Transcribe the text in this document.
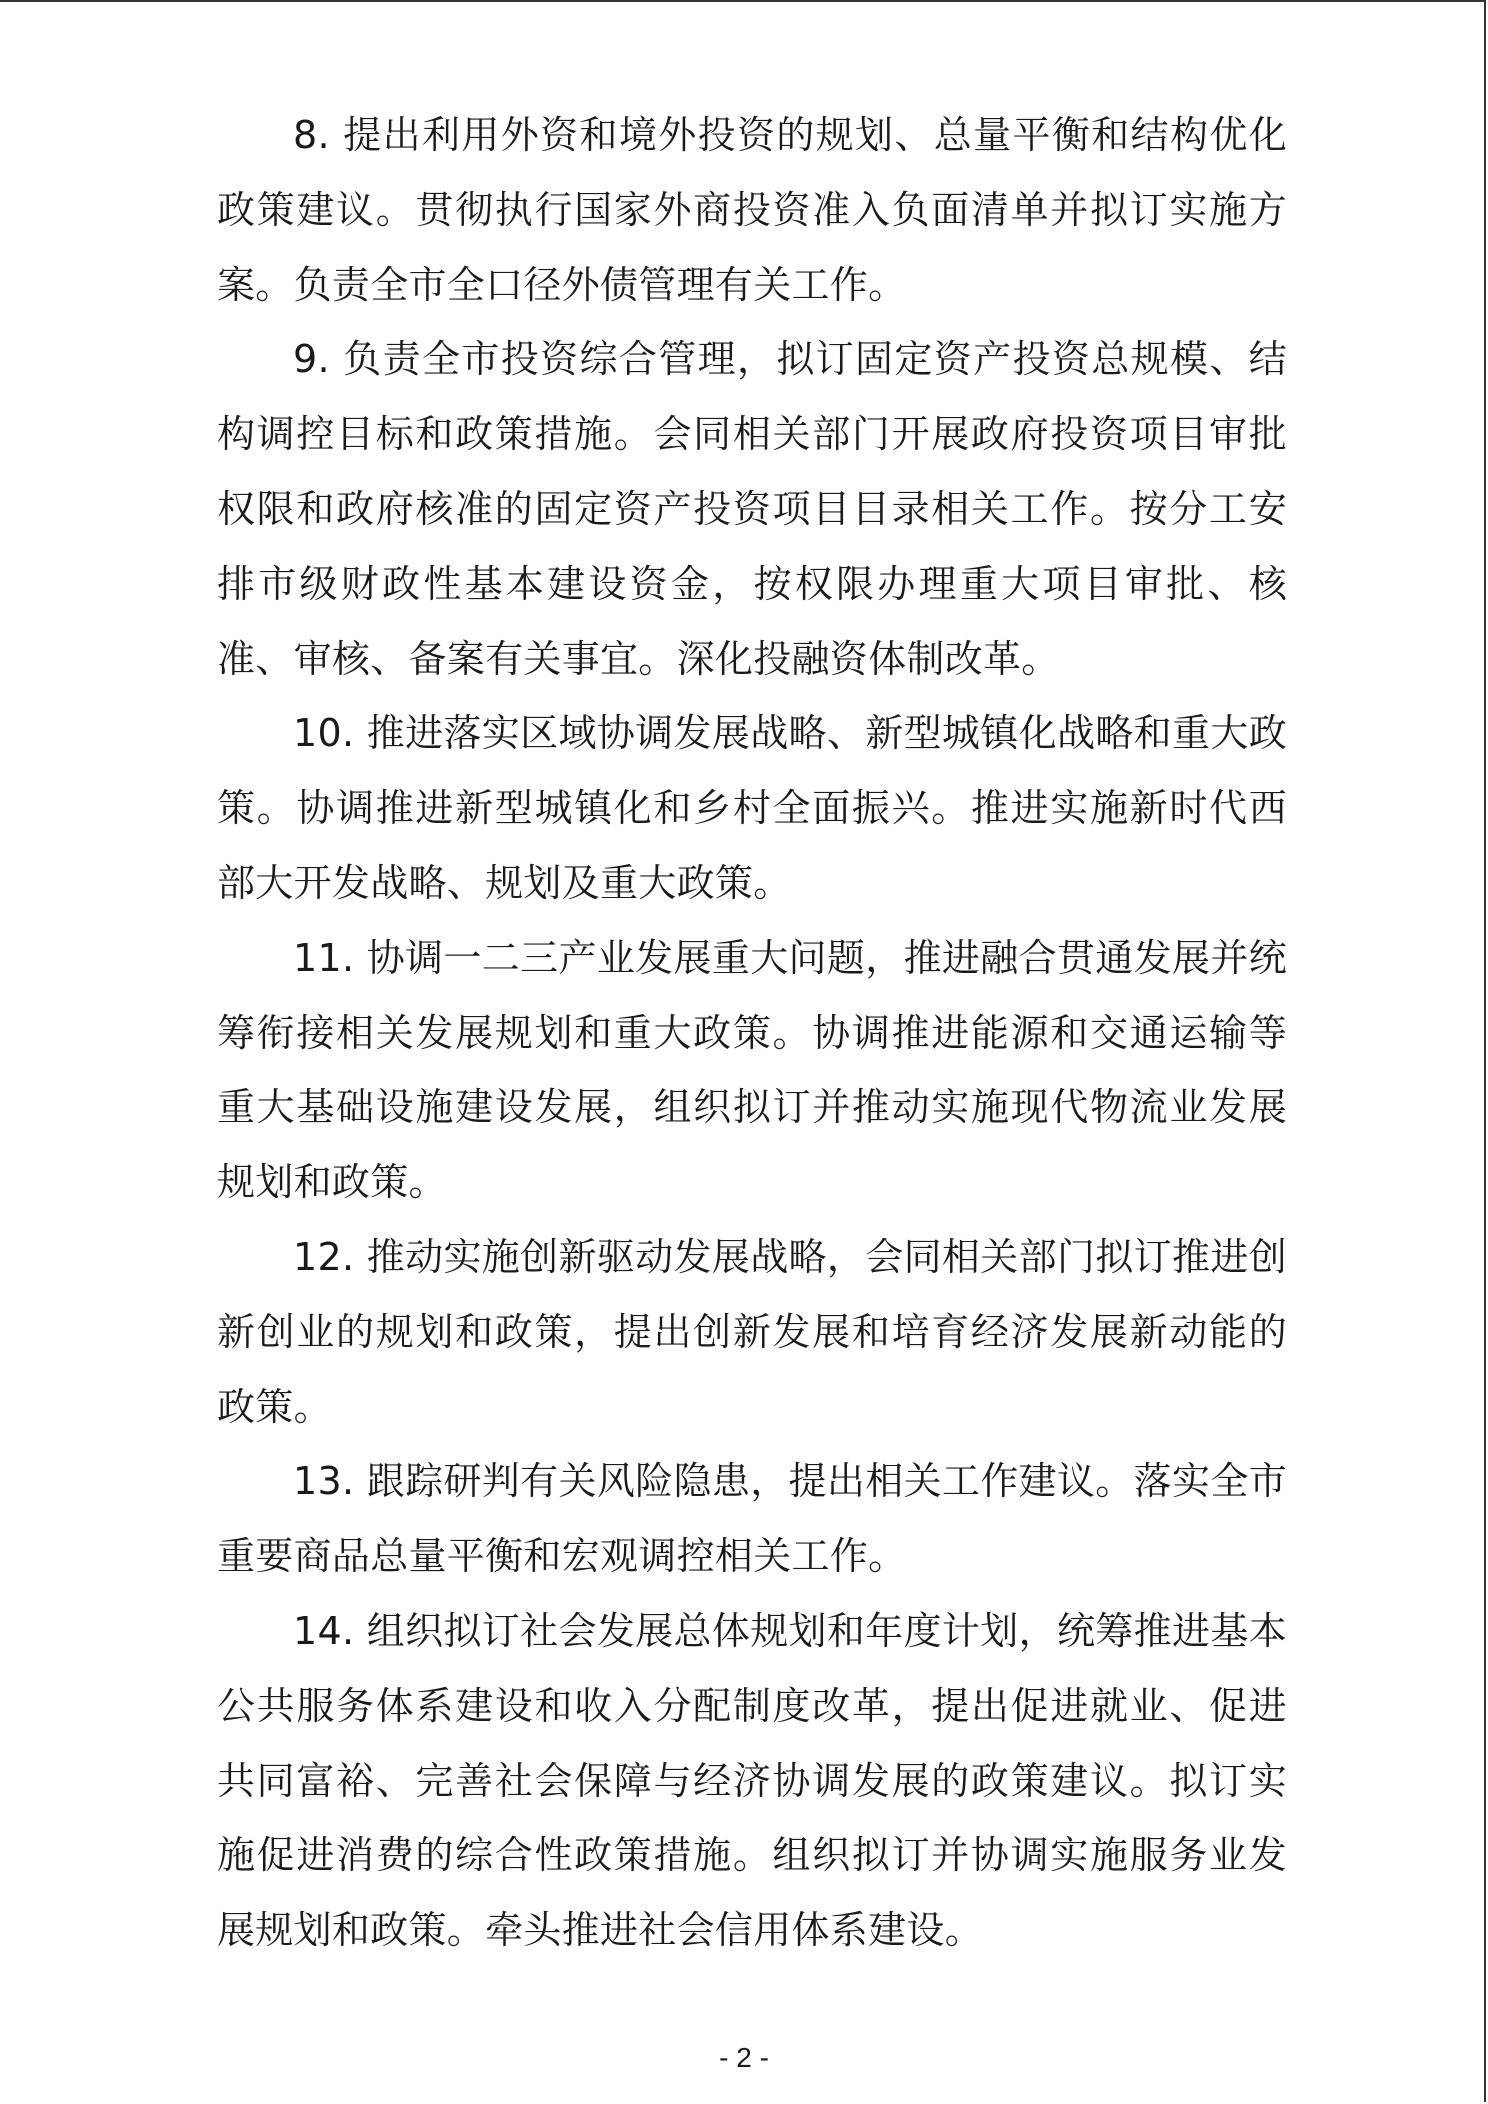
8. 提出利用外资和境外投资的规划、总量平衡和结构优化政策建议。贯彻执行国家外商投资准入负面清单并拟订实施方案。负责全市全口径外债管理有关工作。

9. 负责全市投资综合管理，拟订固定资产投资总规模、结构调控目标和政策措施。会同相关部门开展政府投资项目审批权限和政府核准的固定资产投资项目目录相关工作。按分工安排市级财政性基本建设资金，按权限办理重大项目审批、核准、审核、备案有关事宜。深化投融资体制改革。

10. 推进落实区域协调发展战略、新型城镇化战略和重大政策。协调推进新型城镇化和乡村全面振兴。推进实施新时代西部大开发战略、规划及重大政策。

11. 协调一二三产业发展重大问题，推进融合贯通发展并统筹衔接相关发展规划和重大政策。协调推进能源和交通运输等重大基础设施建设发展，组织拟订并推动实施现代物流业发展规划和政策。

12. 推动实施创新驱动发展战略，会同相关部门拟订推进创新创业的规划和政策，提出创新发展和培育经济发展新动能的政策。

13. 跟踪研判有关风险隐患，提出相关工作建议。落实全市重要商品总量平衡和宏观调控相关工作。

14. 组织拟订社会发展总体规划和年度计划，统筹推进基本公共服务体系建设和收入分配制度改革，提出促进就业、促进共同富裕、完善社会保障与经济协调发展的政策建议。拟订实施促进消费的综合性政策措施。组织拟订并协调实施服务业发展规划和政策。牵头推进社会信用体系建设。

- 2 -
